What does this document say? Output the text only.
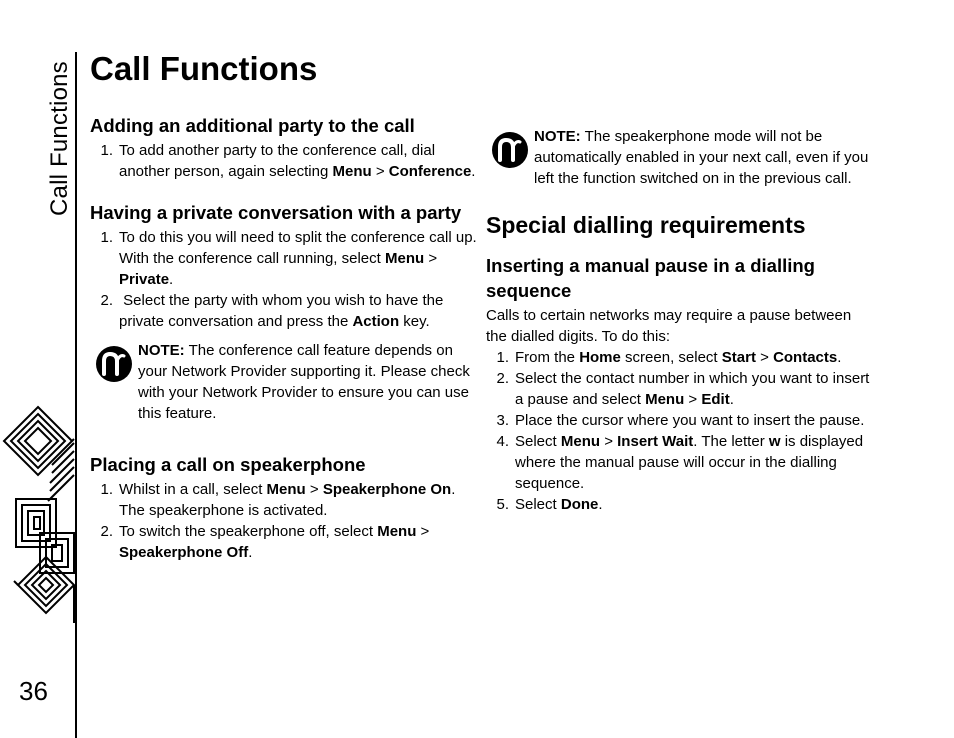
Call Functions
36
Call Functions
Adding an additional party to the call
1. To add another party to the conference call, dial another person, again selecting Menu > Conference.
Having a private conversation with a party
1. To do this you will need to split the conference call up. With the conference call running, select Menu > Private.
2. Select the party with whom you wish to have the private conversation and press the Action key.
NOTE: The conference call feature depends on your Network Provider supporting it. Please check with your Network Provider to ensure you can use this feature.
Placing a call on speakerphone
1. Whilst in a call, select Menu > Speakerphone On. The speakerphone is activated.
2. To switch the speakerphone off, select Menu > Speakerphone Off.
NOTE: The speakerphone mode will not be automatically enabled in your next call, even if you left the function switched on in the previous call.
Special dialling requirements
Inserting a manual pause in a dialling sequence
Calls to certain networks may require a pause between the dialled digits. To do this:
1. From the Home screen, select Start > Contacts.
2. Select the contact number in which you want to insert a pause and select Menu > Edit.
3. Place the cursor where you want to insert the pause.
4. Select Menu > Insert Wait. The letter w is displayed where the manual pause will occur in the dialling sequence.
5. Select Done.
